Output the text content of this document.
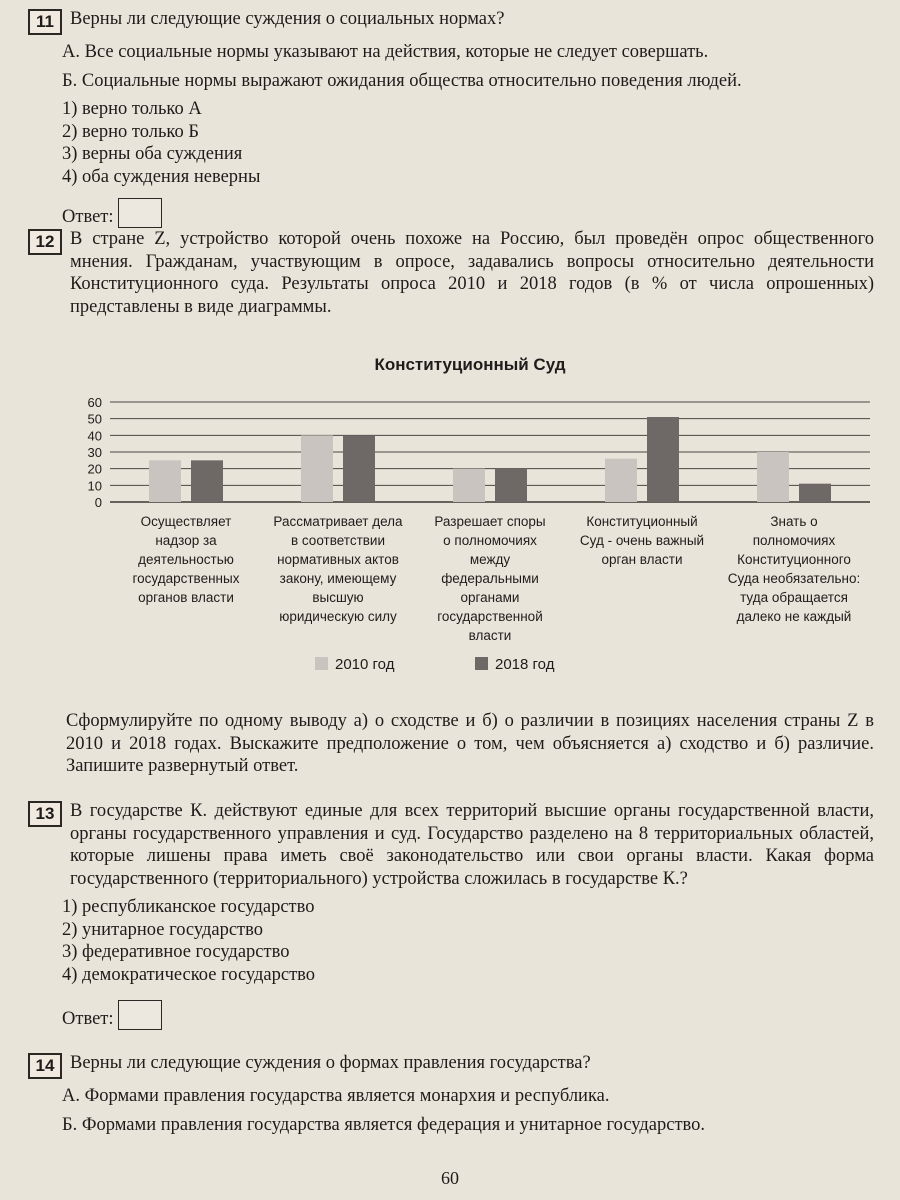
11 Верны ли следующие суждения о социальных нормах?
А. Все социальные нормы указывают на действия, которые не следует совершать.
Б. Социальные нормы выражают ожидания общества относительно поведения людей.
1) верно только А
2) верно только Б
3) верны оба суждения
4) оба суждения неверны
Ответ:
12 В стране Z, устройство которой очень похоже на Россию, был проведён опрос общественного мнения. Гражданам, участвующим в опросе, задавались вопросы относительно деятельности Конституционного суда. Результаты опроса 2010 и 2018 годов (в % от числа опрошенных) представлены в виде диаграммы.
Конституционный Суд
0
10
20
30
40
50
60
Осуществляет надзор за деятельностью государственных органов власти
Рассматривает дела в соответствии нормативных актов закону, имеющему высшую юридическую силу
Разрешает споры о полномочиях между федеральными органами государственной власти
Конституционный Суд - очень важный орган власти
Знать о полномочиях Конституционного Суда необязательно: туда обращается далеко не каждый
2010 год	2018 год
Сформулируйте по одному выводу а) о сходстве и б) о различии в позициях населения страны Z в 2010 и 2018 годах. Выскажите предположение о том, чем объясняется а) сходство и б) различие. Запишите развернутый ответ.
13 В государстве К. действуют единые для всех территорий высшие органы государственной власти, органы государственного управления и суд. Государство разделено на 8 территориальных областей, которые лишены права иметь своё законодательство или свои органы власти. Какая форма государственного (территориального) устройства сложилась в государстве К.?
1) республиканское государство
2) унитарное государство
3) федеративное государство
4) демократическое государство
Ответ:
14 Верны ли следующие суждения о формах правления государства?
А. Формами правления государства является монархия и республика.
Б. Формами правления государства является федерация и унитарное государство.
60
